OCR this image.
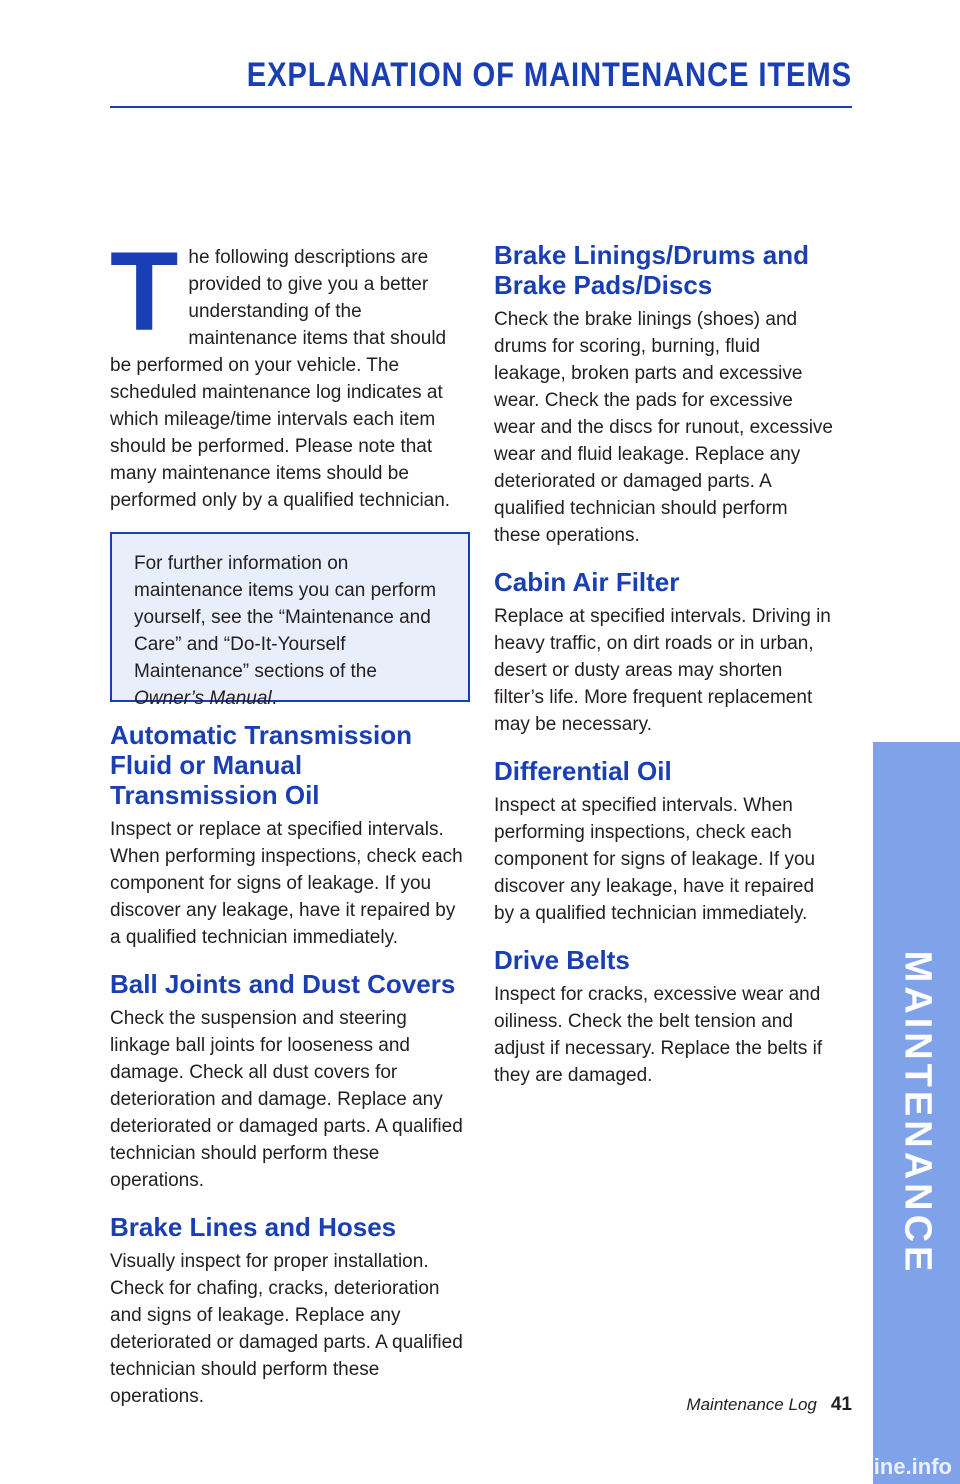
EXPLANATION OF MAINTENANCE ITEMS

The following descriptions are provided to give you a better understanding of the maintenance items that should be performed on your vehicle. The scheduled maintenance log indicates at which mileage/time intervals each item should be performed. Please note that many maintenance items should be performed only by a qualified technician.

For further information on maintenance items you can perform yourself, see the “Maintenance and Care” and “Do-It-Yourself Maintenance” sections of the Owner’s Manual.
Automatic Transmission Fluid or Manual Transmission Oil

Inspect or replace at specified intervals. When performing inspections, check each component for signs of leakage. If you discover any leakage, have it repaired by a qualified technician immediately.

Ball Joints and Dust Covers

Check the suspension and steering linkage ball joints for looseness and damage. Check all dust covers for deterioration and damage. Replace any deteriorated or damaged parts. A qualified technician should perform these operations.

Brake Lines and Hoses

Visually inspect for proper installation. Check for chafing, cracks, deterioration and signs of leakage. Replace any deteriorated or damaged parts. A qualified technician should perform these operations.

Brake Linings/Drums and Brake Pads/Discs

Check the brake linings (shoes) and drums for scoring, burning, fluid leakage, broken parts and excessive wear. Check the pads for excessive wear and the discs for runout, excessive wear and fluid leakage. Replace any deteriorated or damaged parts. A qualified technician should perform these operations.

Cabin Air Filter

Replace at specified intervals. Driving in heavy traffic, on dirt roads or in urban, desert or dusty areas may shorten filter’s life. More frequent replacement may be necessary.

Differential Oil

Inspect at specified intervals. When performing inspections, check each component for signs of leakage. If you discover any leakage, have it repaired by a qualified technician immediately.

Drive Belts

Inspect for cracks, excessive wear and oiliness. Check the belt tension and adjust if necessary. Replace the belts if they are damaged.	MAINTENANCE
Maintenance Log 41
carmanualsonline.info
